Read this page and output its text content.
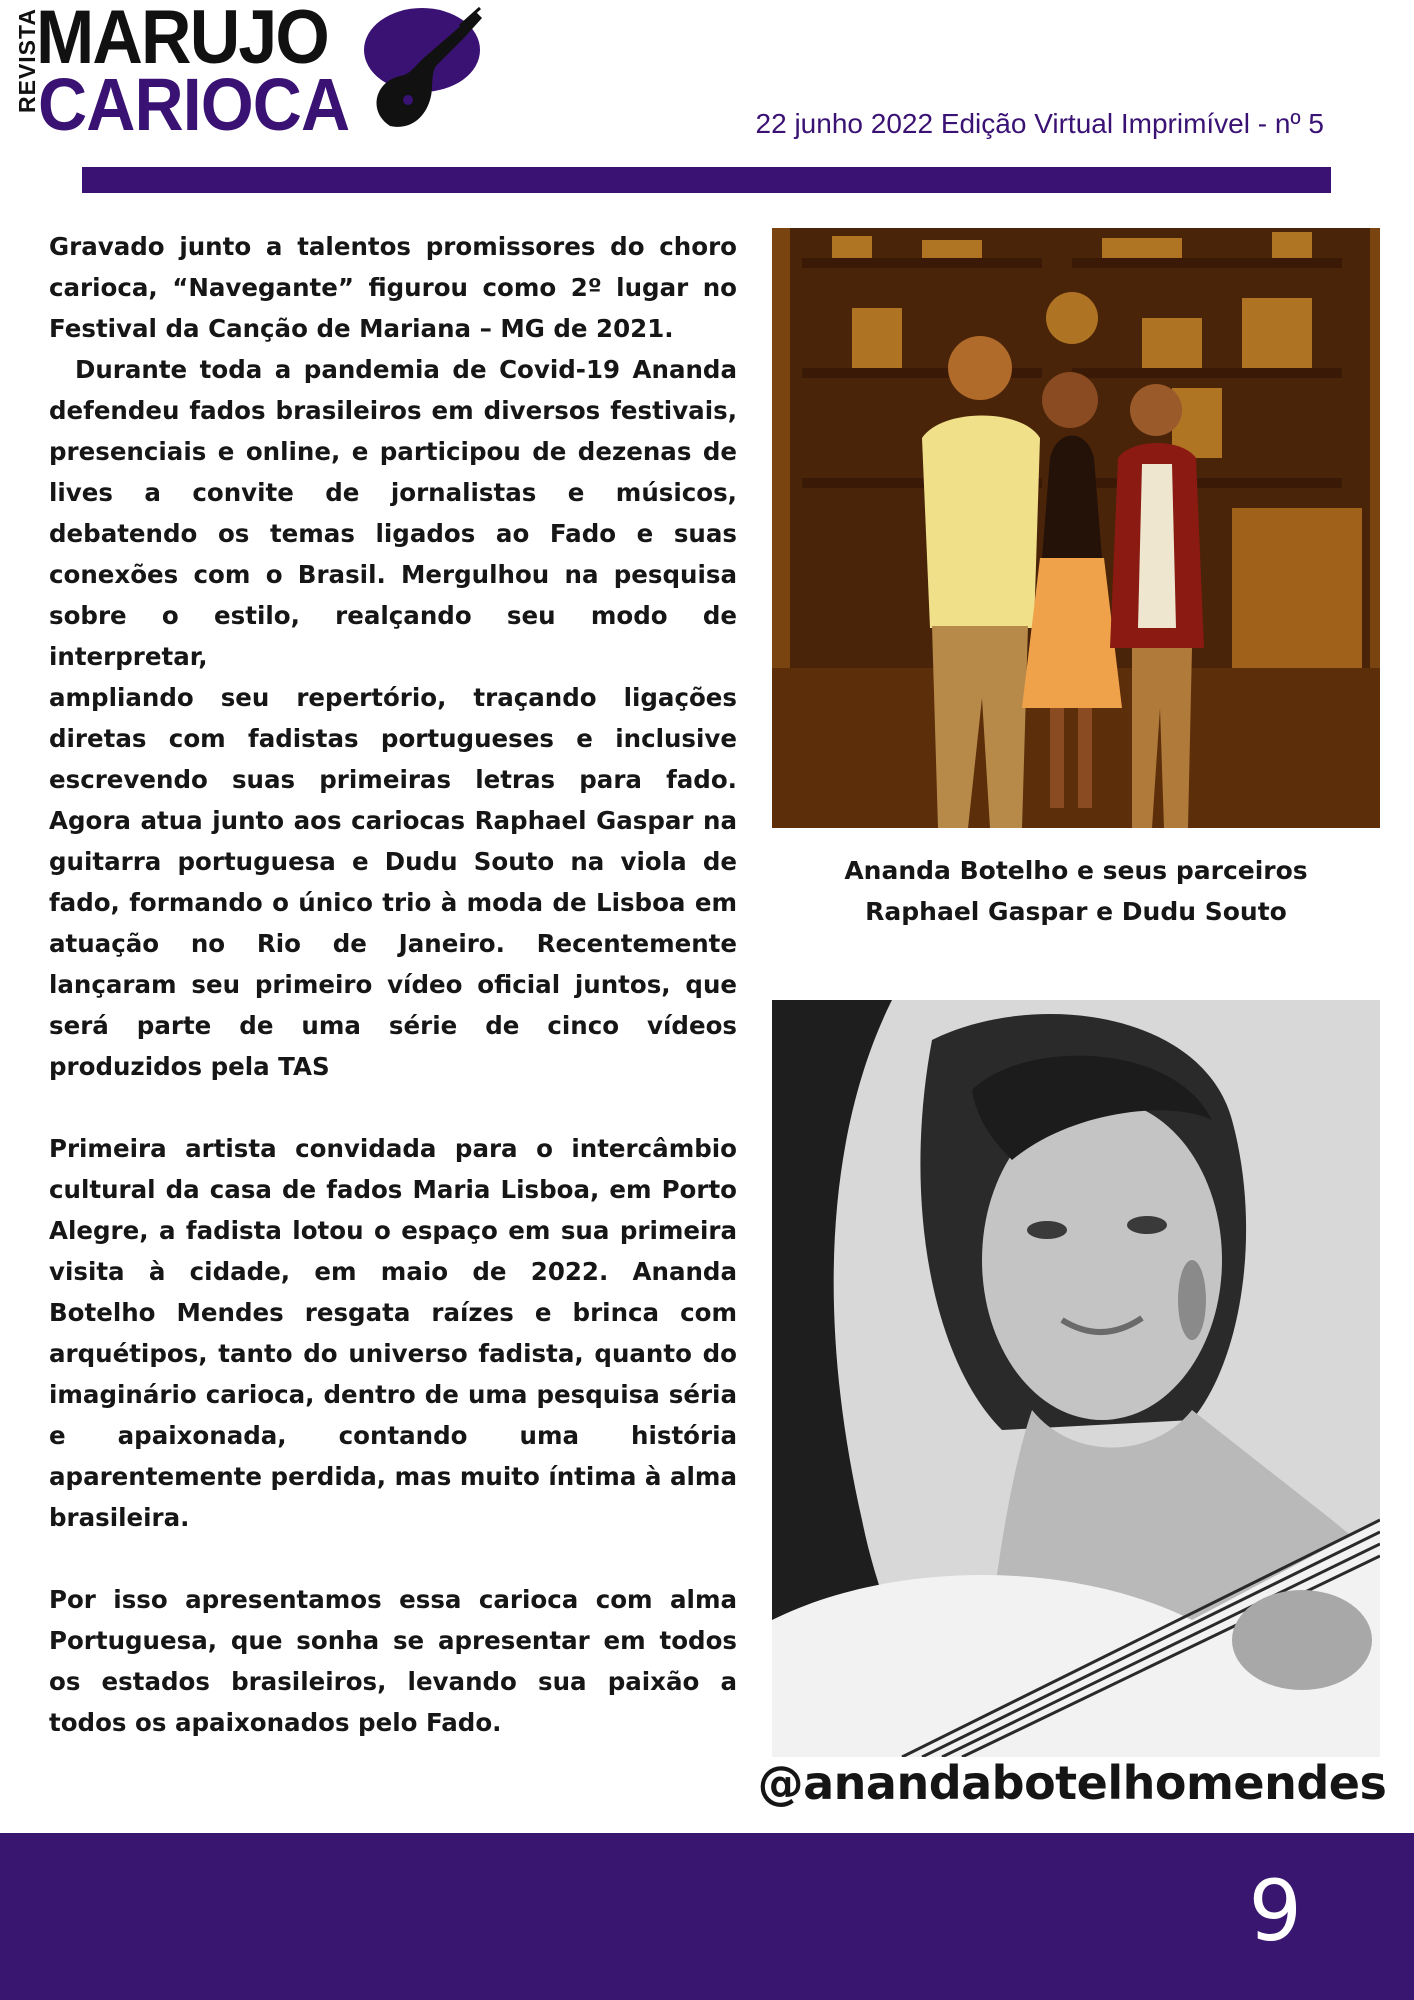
REVISTA
MARUJO
CARIOCA	22 junho 2022 Edição Virtual Imprimível - nº 5

Gravado junto a talentos promissores do choro carioca, “Navegante” figurou como 2º lugar no Festival da Canção de Mariana – MG de 2021.

Durante toda a pandemia de Covid-19 Ananda defendeu fados brasileiros em diversos festivais, presenciais e online, e participou de dezenas de lives a convite de jornalistas e músicos, debatendo os temas ligados ao Fado e suas conexões com o Brasil. Mergulhou na pesquisa sobre o estilo, realçando seu modo de interpretar,

ampliando seu repertório, traçando ligações diretas com fadistas portugueses e inclusive escrevendo suas primeiras letras para fado. Agora atua junto aos cariocas Raphael Gaspar na guitarra portuguesa e Dudu Souto na viola de fado, formando o único trio à moda de Lisboa em atuação no Rio de Janeiro. Recentemente lançaram seu primeiro vídeo oficial juntos, que será parte de uma série de cinco vídeos produzidos pela TAS

Primeira artista convidada para o intercâmbio cultural da casa de fados Maria Lisboa, em Porto Alegre, a fadista lotou o espaço em sua primeira visita à cidade, em maio de 2022. Ananda Botelho Mendes resgata raízes e brinca com arquétipos, tanto do universo fadista, quanto do imaginário carioca, dentro de uma pesquisa séria e apaixonada, contando uma história aparentemente perdida, mas muito íntima à alma brasileira.

Por isso apresentamos essa carioca com alma Portuguesa, que sonha se apresentar em todos os estados brasileiros, levando sua paixão a todos os apaixonados pelo Fado.

Ananda Botelho e seus parceiros
Raphael Gaspar e Dudu Souto
@anandabotelhomendes
9
